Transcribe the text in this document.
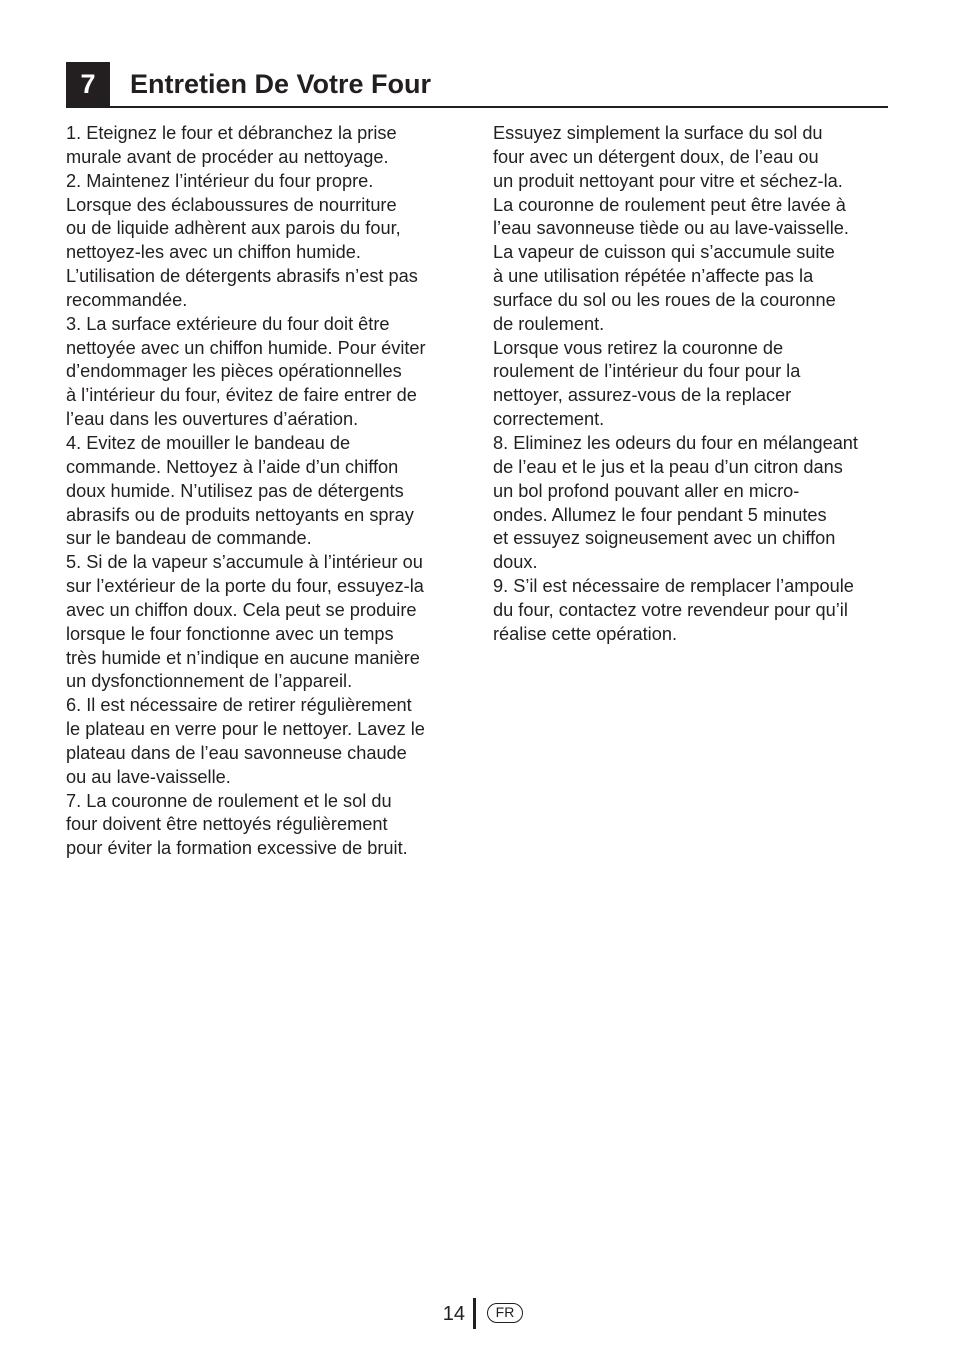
7	Entretien De Votre Four
1. Eteignez le four et débranchez la prise
murale avant de procéder au nettoyage.
2. Maintenez l’intérieur du four propre.
Lorsque des éclaboussures de nourriture
ou de liquide adhèrent aux parois du four,
nettoyez-les avec un chiffon humide.
L’utilisation de détergents abrasifs n’est pas
recommandée.
3. La surface extérieure du four doit être
nettoyée avec un chiffon humide. Pour éviter
d’endommager les pièces opérationnelles
à l’intérieur du four, évitez de faire entrer de
l’eau dans les ouvertures d’aération.
4. Evitez de mouiller le bandeau de
commande. Nettoyez à l’aide d’un chiffon
doux humide. N’utilisez pas de détergents
abrasifs ou de produits nettoyants en spray
sur le bandeau de commande.
5. Si de la vapeur s’accumule à l’intérieur ou
sur l’extérieur de la porte du four, essuyez-la
avec un chiffon doux. Cela peut se produire
lorsque le four fonctionne avec un temps
très humide et n’indique en aucune manière
un dysfonctionnement de l’appareil.
6. Il est nécessaire de retirer régulièrement
le plateau en verre pour le nettoyer. Lavez le
plateau dans de l’eau savonneuse chaude
ou au lave-vaisselle.
7. La couronne de roulement et le sol du
four doivent être nettoyés régulièrement
pour éviter la formation excessive de bruit.
Essuyez simplement la surface du sol du
four avec un détergent doux, de l’eau ou
un produit nettoyant pour vitre et séchez-la.
La couronne de roulement peut être lavée à
l’eau savonneuse tiède ou au lave-vaisselle.
La vapeur de cuisson qui s’accumule suite
à une utilisation répétée n’affecte pas la
surface du sol ou les roues de la couronne
de roulement.
Lorsque vous retirez la couronne de
roulement de l’intérieur du four pour la
nettoyer, assurez-vous de la replacer
correctement.
8. Eliminez les odeurs du four en mélangeant
de l’eau et le jus et la peau d’un citron dans
un bol profond pouvant aller en micro-
ondes. Allumez le four pendant 5 minutes
et essuyez soigneusement avec un chiffon
doux.
9. S’il est nécessaire de remplacer l’ampoule
du four, contactez votre revendeur pour qu’il
réalise cette opération.
14	FR
